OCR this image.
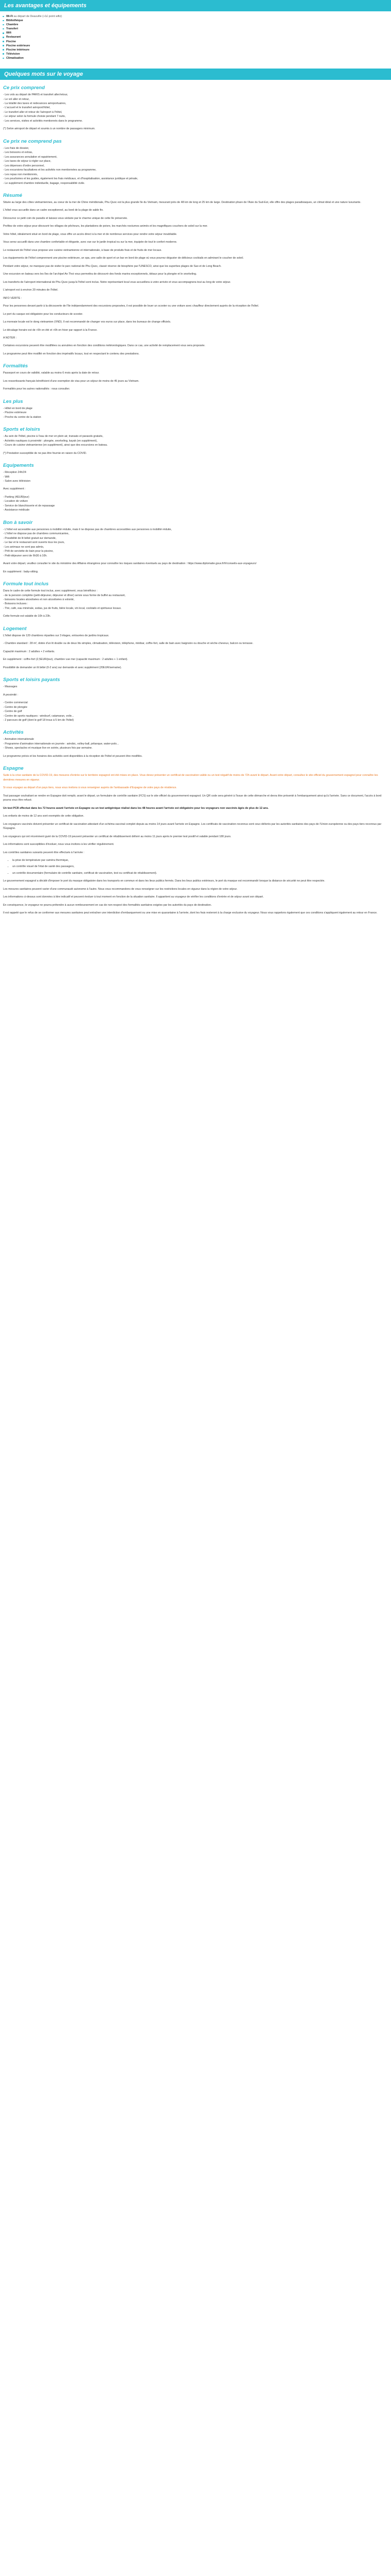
Les avantages et équipements
Wi-Fi au départ de Deauville (+1£ point wifiz)
Bibliothèque
Chambre
Transfert
Wifi
Restaurant
Piscine
Piscine extérieure
Piscine intérieure
Télévision
Climatisation
Quelques mots sur le voyage
Ce prix comprend

- Les vols au départ de PARIS et transfert aller/retour,
- Le vol aller et retour,
- La totalité des taxes et redevances aéroportuaires,
- L'accueil et le transfert aéroport/hôtel,
- Le transfert aller et retour de l'aéroport à l'hôtel,
- Le séjour selon la formule choisie pendant 7 nuits,
- Les services, visites et activités mentionnés dans le programme.

(*) Selon aéroport de départ et soumis à un nombre de passagers minimum.

Ce prix ne comprend pas

- Les frais de dossier,
- Les boissons et extras,
- Les assurances annulation et rapatriement,
- Les taxes de séjour à régler sur place,
- Les dépenses d'ordre personnel,
- Les excursions facultatives et les activités non mentionnées au programme,
- Les repas non mentionnés,
- Les pourboires et les guides, également les frais médicaux, et d'hospitalisation, assistance juridique et pénale,
- Le supplément chambre individuelle, bagage, responsabilité civile.

Résumé

Située au large des côtes vietnamiennes, au coeur de la mer de Chine méridionale, Phu Quoc est la plus grande île du Vietnam, mesurant près de 48 km de long et 25 km de large. Destination phare de l'Asie du Sud-Est, elle offre des plages paradisiaques, un climat idéal et une nature luxuriante.

L'hôtel vous accueille dans un cadre exceptionnel, au bord de la plage de sable fin.

Découvrez ce petit coin de paradis et laissez-vous séduire par le charme unique de cette île préservée.

Profitez de votre séjour pour découvrir les villages de pêcheurs, les plantations de poivre, les marchés nocturnes animés et les magnifiques couchers de soleil sur la mer.

Votre hôtel, idéalement situé en bord de plage, vous offre un accès direct à la mer et de nombreux services pour rendre votre séjour inoubliable.

Vous serez accueilli dans une chambre confortable et élégante, avec vue sur le jardin tropical ou sur la mer, équipée de tout le confort moderne.

Le restaurant de l'hôtel vous propose une cuisine vietnamienne et internationale, à base de produits frais et de fruits de mer locaux.

Les équipements de l'hôtel comprennent une piscine extérieure, un spa, une salle de sport et un bar en bord de plage où vous pourrez déguster de délicieux cocktails en admirant le coucher de soleil.

Pendant votre séjour, ne manquez pas de visiter le parc national de Phu Quoc, classé réserve de biosphère par l'UNESCO, ainsi que les superbes plages de Sao et de Long Beach.

Une excursion en bateau vers les îles de l'archipel An Thoi vous permettra de découvrir des fonds marins exceptionnels, idéaux pour la plongée et le snorkeling.

Les transferts de l'aéroport international de Phu Quoc jusqu'à l'hôtel sont inclus. Notre représentant local vous accueillera à votre arrivée et vous accompagnera tout au long de votre séjour.

L'aéroport est à environ 20 minutes de l'hôtel.

INFO VERITE :

Pour les personnes devant partir à la découverte de l'île indépendamment des excursions proposées, il est possible de louer un scooter ou une voiture avec chauffeur directement auprès de la réception de l'hôtel.

Le port du casque est obligatoire pour les conducteurs de scooter.

La monnaie locale est le dong vietnamien (VND). Il est recommandé de changer vos euros sur place, dans les bureaux de change officiels.

Le décalage horaire est de +5h en été et +6h en hiver par rapport à la France.

A NOTER :

Certaines excursions peuvent être modifiées ou annulées en fonction des conditions météorologiques. Dans ce cas, une activité de remplacement vous sera proposée.

Le programme peut être modifié en fonction des impératifs locaux, tout en respectant le contenu des prestations.

Formalités

Passeport en cours de validité, valable au moins 6 mois après la date de retour.

Les ressortissants français bénéficient d'une exemption de visa pour un séjour de moins de 45 jours au Vietnam.

Formalités pour les autres nationalités : nous consulter.

Les plus

- Hôtel en bord de plage
- Piscine extérieure
- Proche du centre de la station

Sports et loisirs

- Au sein de l'hôtel, piscine à l'eau de mer en plein air, transats et parasols gratuits,
- Activités nautiques à proximité : plongée, snorkeling, kayak (en supplément),
- Cours de cuisine vietnamienne (en supplément), ainsi que des excursions en bateau.

(*) Prestation susceptible de ne pas être fournie en raison du COVID.

Equipements

- Réception 24h/24
- Wifi
- Salon avec télévision

Avec supplément :

- Parking (4EUR/jour)
- Location de voiture
- Service de blanchisserie et de repassage
- Assistance médicale

Bon à savoir

- L'hôtel est accessible aux personnes à mobilité réduite, mais il ne dispose pas de chambres accessibles aux personnes à mobilité réduite,
- L'hôtel ne dispose pas de chambres communicantes,
- Possibilité de lit bébé gratuit sur demande,
- Le bar et le restaurant sont ouverts tous les jours,
- Les animaux ne sont pas admis,
- Prêt de serviette de bain pour la piscine,
- Petit-déjeuner servi de 6h30 à 10h.

Avant votre départ, veuillez consulter le site du ministère des Affaires étrangères pour connaître les risques sanitaires éventuels au pays de destination : https://www.diplomatie.gouv.fr/fr/conseils-aux-voyageurs/

En supplément : baby-sitting.

Formule tout inclus

Dans le cadre de cette formule tout inclus, avec supplément, vous bénéficiez :
- de la pension complète (petit-déjeuner, déjeuner et dîner) servie sous forme de buffet au restaurant,
- boissons locales alcoolisées et non alcoolisées à volonté,
- Boissons incluses :
- Thé, café, eau minérale, sodas, jus de fruits, bière locale, vin local, cocktails et spiritueux locaux.

Cette formule est valable de 10h à 23h.

Logement

L'hôtel dispose de 120 chambres réparties sur 3 étages, entourées de jardins tropicaux.

- Chambre standard : 28 m², dotée d'un lit double ou de deux lits simples, climatisation, télévision, téléphone, minibar, coffre-fort, salle de bain avec baignoire ou douche et sèche-cheveux, balcon ou terrasse.

Capacité maximum : 2 adultes + 2 enfants.

En supplément : coffre-fort (2,5EUR/jour), chambre vue mer (capacité maximum : 2 adultes + 1 enfant).

Possibilité de demander un lit bébé (0-2 ans) sur demande et avec supplément (20EUR/semaine).

Sports et loisirs payants

- Massages

A proximité :

- Centre commercial
- Centre de plongée
- Centre de golf
- Centre de sports nautiques : windsurf, catamaran, voile...
- 2 parcours de golf (dont le golf 18 trous à 5 km de l'hôtel)

Activités

- Animation internationale
- Programme d'animation internationale en journée : aérobic, volley-ball, pétanque, water-polo...
- Shows, spectacles et musique live en soirée, plusieurs fois par semaine.

Le programme précis et les horaires des activités sont disponibles à la réception de l'hôtel et peuvent être modifiés.

Espagne

Suite à la crise sanitaire de la COVID-19, des mesures d'entrée sur le territoire espagnol ont été mises en place. Vous devez présenter un certificat de vaccination valide ou un test négatif de moins de 72h avant le départ. Avant votre départ, consultez le site officiel du gouvernement espagnol pour connaître les dernières mesures en vigueur.

Si vous voyagez au départ d'un pays tiers, nous vous invitons à vous renseigner auprès de l'ambassade d'Espagne de votre pays de résidence.

Tout passager souhaitant se rendre en Espagne doit remplir, avant le départ, un formulaire de contrôle sanitaire (FCS) sur le site officiel du gouvernement espagnol. Un QR code sera généré à l'issue de cette démarche et devra être présenté à l'embarquement ainsi qu'à l'arrivée. Sans ce document, l'accès à bord pourra vous être refusé.

Un test PCR effectué dans les 72 heures avant l'arrivée en Espagne ou un test antigénique réalisé dans les 48 heures avant l'arrivée est obligatoire pour les voyageurs non vaccinés âgés de plus de 12 ans.

Les enfants de moins de 12 ans sont exemptés de cette obligation.

Les voyageurs vaccinés doivent présenter un certificat de vaccination attestant d'un schéma vaccinal complet depuis au moins 14 jours avant l'arrivée en Espagne. Les certificats de vaccination reconnus sont ceux délivrés par les autorités sanitaires des pays de l'Union européenne ou des pays tiers reconnus par l'Espagne.

Les voyageurs qui ont récemment guéri de la COVID-19 peuvent présenter un certificat de rétablissement délivré au moins 11 jours après le premier test positif et valable pendant 180 jours.

Les informations sont susceptibles d'évoluer, nous vous invitons à les vérifier régulièrement.

Les contrôles sanitaires suivants peuvent être effectués à l'arrivée :

• la prise de température par caméra thermique,
• un contrôle visuel de l'état de santé des passagers,
• un contrôle documentaire (formulaire de contrôle sanitaire, certificat de vaccination, test ou certificat de rétablissement).

Le gouvernement espagnol a décidé d'imposer le port du masque obligatoire dans les transports en commun et dans les lieux publics fermés. Dans les lieux publics extérieurs, le port du masque est recommandé lorsque la distance de sécurité ne peut être respectée.

Les mesures sanitaires peuvent varier d'une communauté autonome à l'autre. Nous vous recommandons de vous renseigner sur les restrictions locales en vigueur dans la région de votre séjour.

Les informations ci-dessus sont données à titre indicatif et peuvent évoluer à tout moment en fonction de la situation sanitaire. Il appartient au voyageur de vérifier les conditions d'entrée et de séjour avant son départ.

En conséquence, le voyageur ne pourra prétendre à aucun remboursement en cas de non-respect des formalités sanitaires exigées par les autorités du pays de destination.

Il est rappelé que le refus de se conformer aux mesures sanitaires peut entraîner une interdiction d'embarquement ou une mise en quarantaine à l'arrivée, dont les frais resteront à la charge exclusive du voyageur. Nous vous rappelons également que ces conditions s'appliquent également au retour en France.
